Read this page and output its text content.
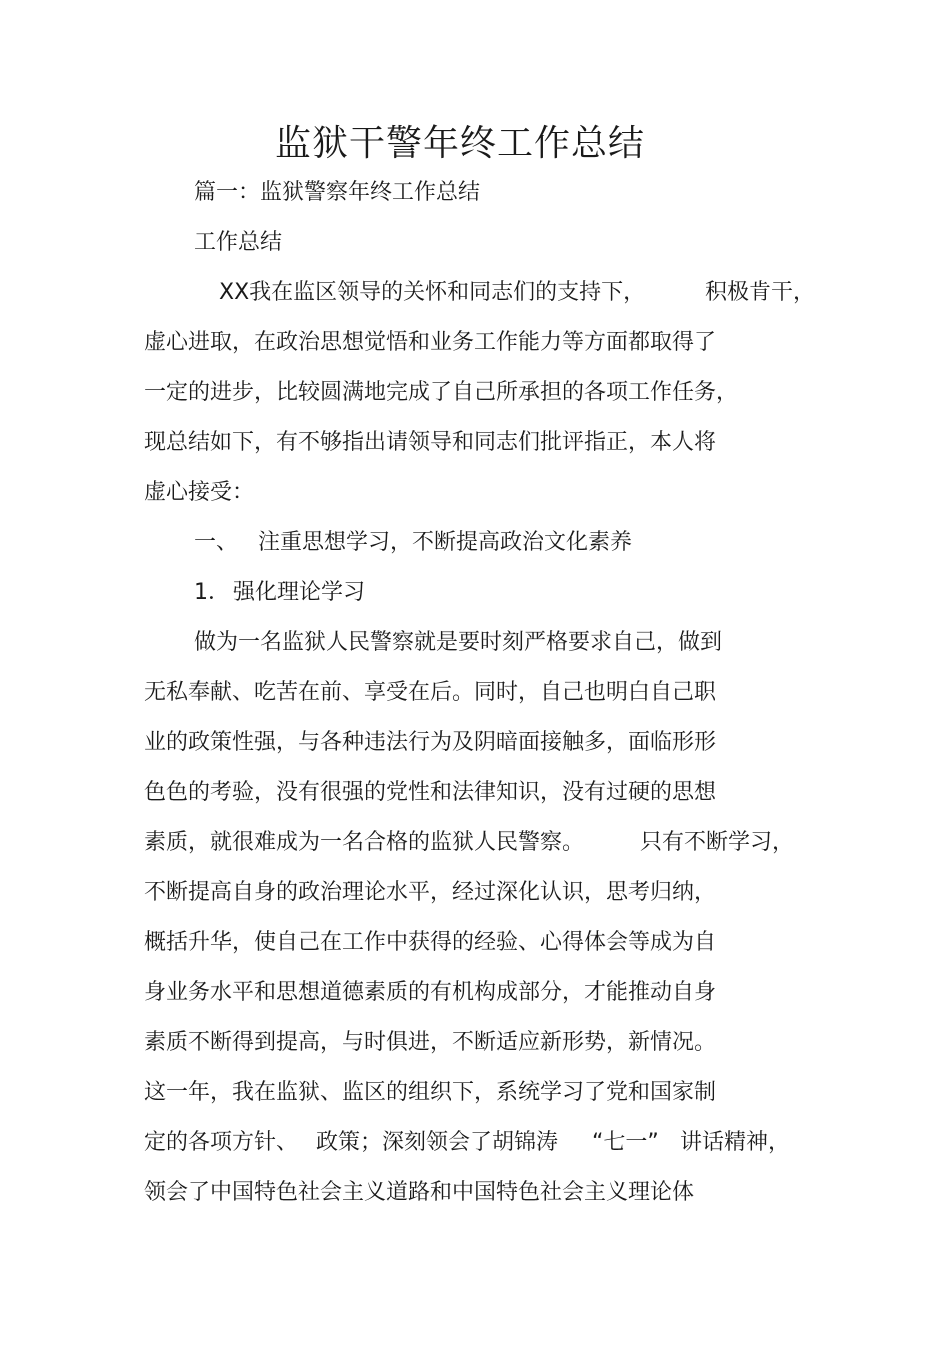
监狱干警年终工作总结
篇一：监狱警察年终工作总结
工作总结
XX我在监区领导的关怀和同志们的支持下，	积极肯干，
虚心进取，在政治思想觉悟和业务工作能力等方面都取得了
一定的进步，比较圆满地完成了自己所承担的各项工作任务，
现总结如下，有不够指出请领导和同志们批评指正，本人将
虚心接受：
一、 注重思想学习，不断提高政治文化素养
1． 强化理论学习
做为一名监狱人民警察就是要时刻严格要求自己，做到
无私奉献、吃苦在前、享受在后。同时，自己也明白自己职
业的政策性强，与各种违法行为及阴暗面接触多，面临形形
色色的考验，没有很强的党性和法律知识，没有过硬的思想
素质，就很难成为一名合格的监狱人民警察。	只有不断学习，
不断提高自身的政治理论水平，经过深化认识，思考归纳，
概括升华，使自己在工作中获得的经验、心得体会等成为自
身业务水平和思想道德素质的有机构成部分，才能推动自身
素质不断得到提高，与时俱进，不断适应新形势，新情况。
这一年，我在监狱、监区的组织下，系统学习了党和国家制
定的各项方针、 政策；深刻领会了胡锦涛 “七一” 讲话精神，
领会了中国特色社会主义道路和中国特色社会主义理论体
